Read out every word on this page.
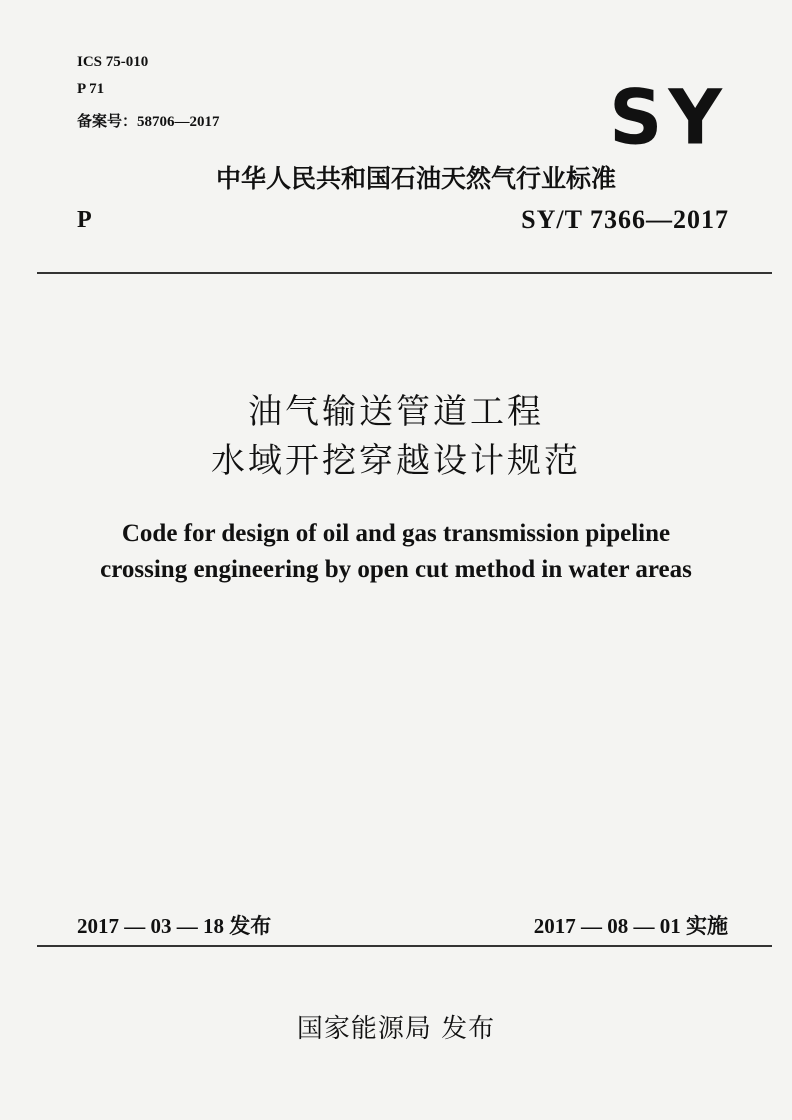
ICS 75-010
P 71
备案号：58706—2017	SY
中华人民共和国石油天然气行业标准
P	SY/T 7366—2017
油气输送管道工程
水域开挖穿越设计规范
Code for design of oil and gas transmission pipeline
crossing engineering by open cut method in water areas
2017 — 03 — 18 发布	2017 — 08 — 01 实施
国家能源局 发布
